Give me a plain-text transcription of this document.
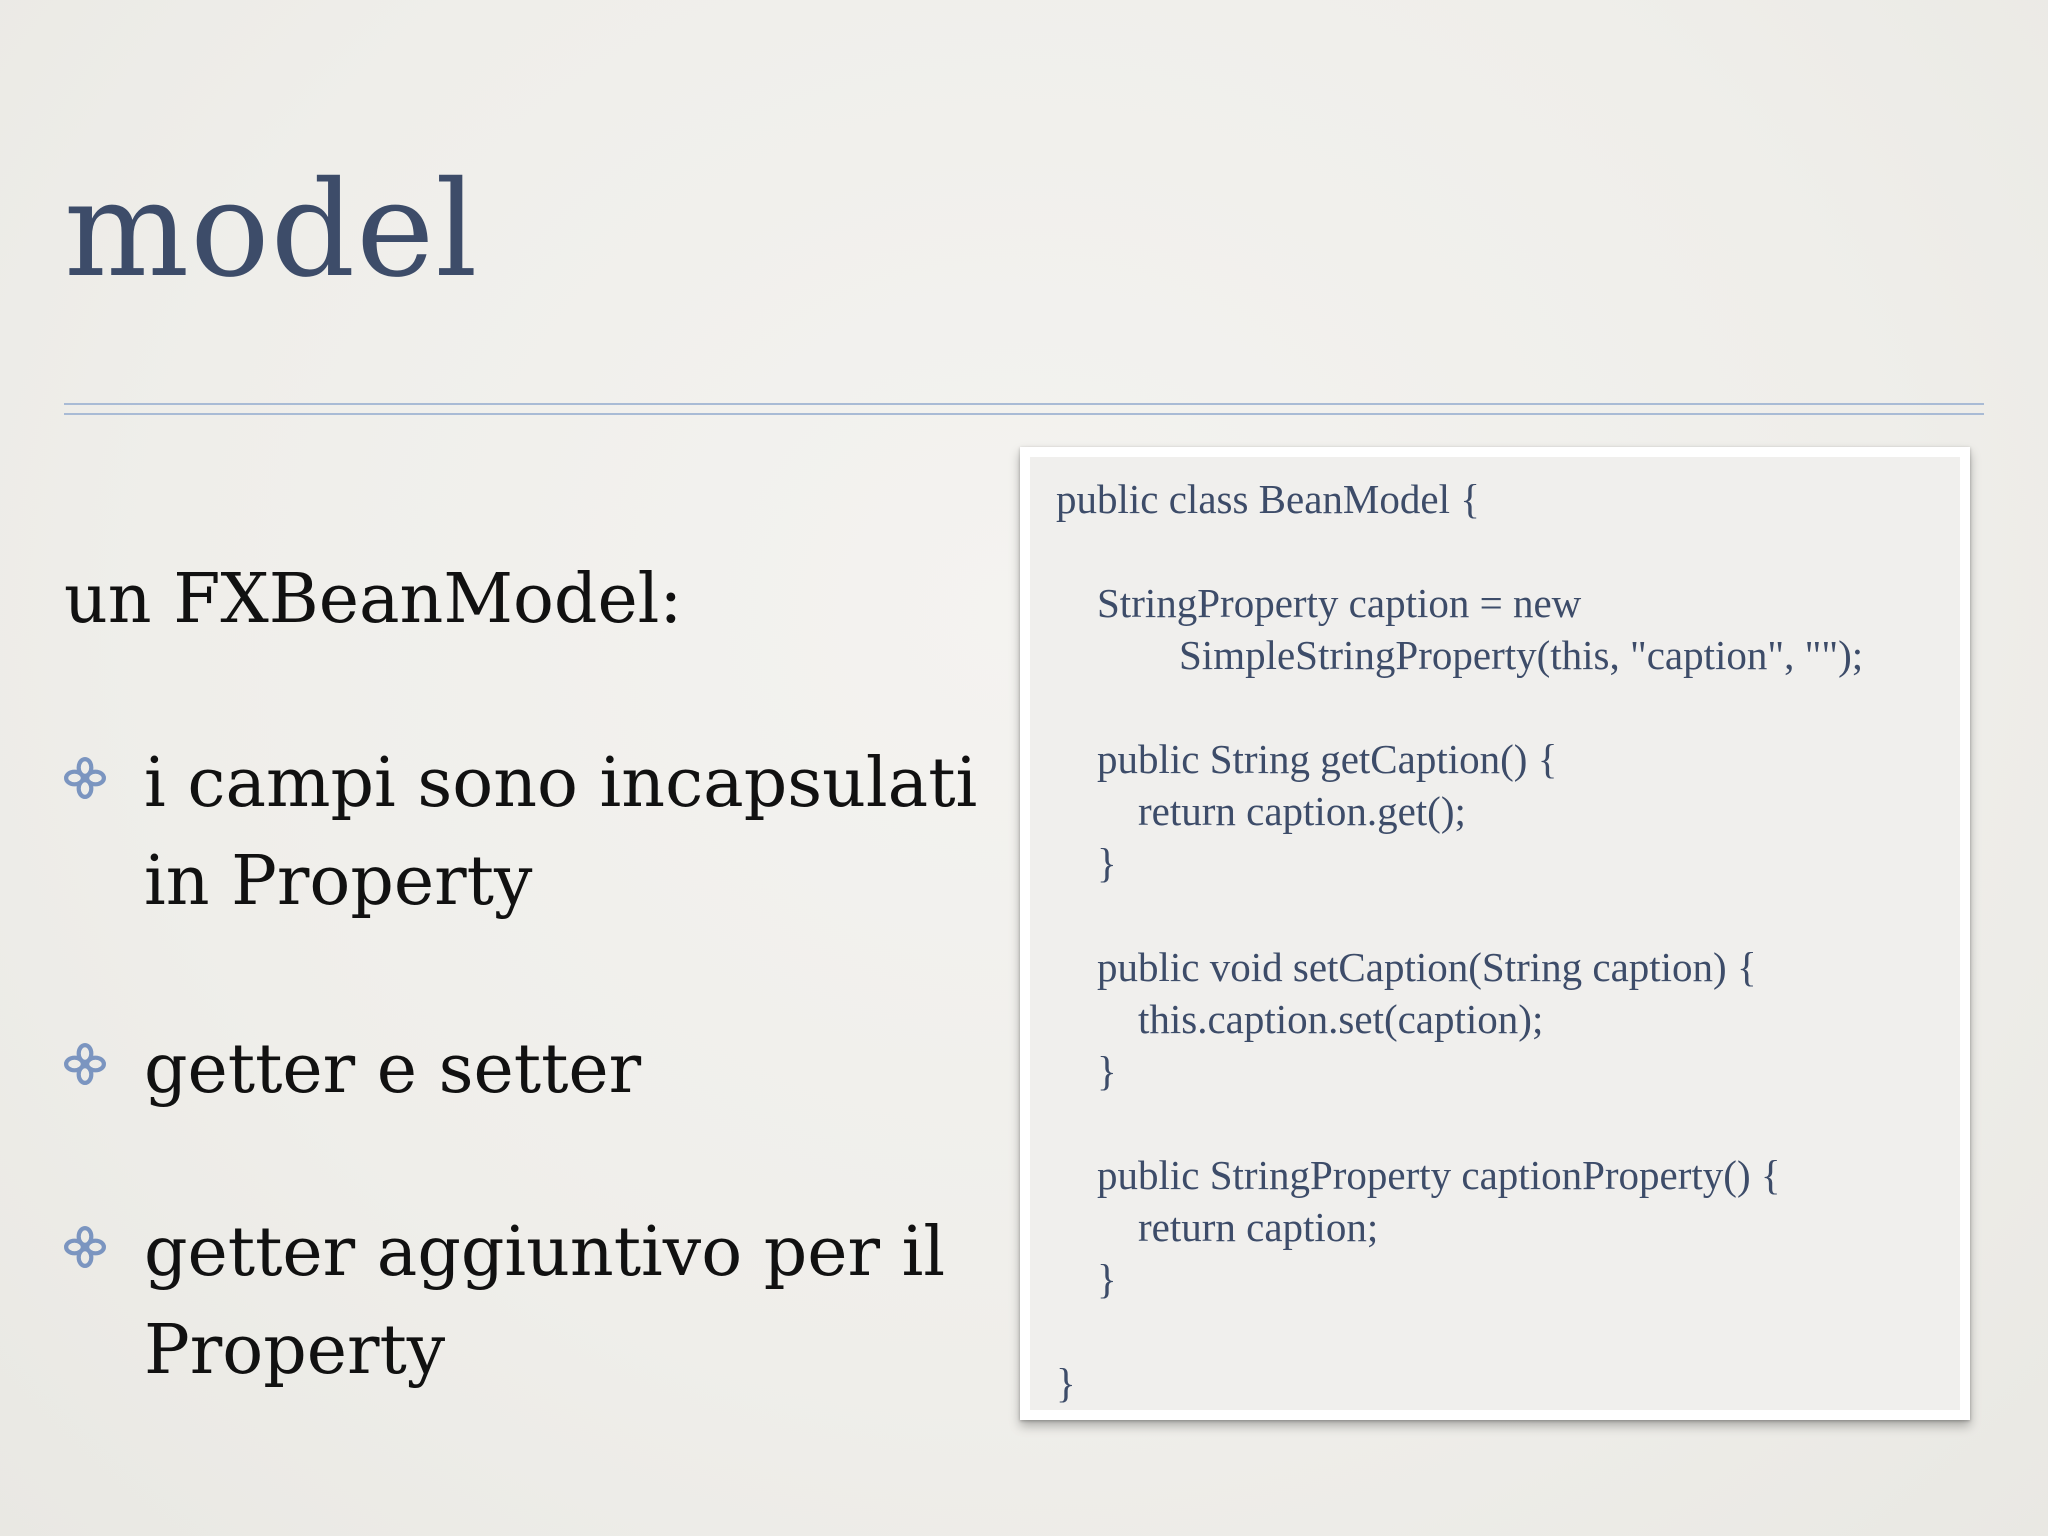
model
un FXBeanModel:
i campi sono incapsulati
in Property
getter e setter
getter aggiuntivo per il
Property
public class BeanModel {
StringProperty caption = new
SimpleStringProperty(this, "caption", "");
public String getCaption() {
return caption.get();
}
public void setCaption(String caption) {
this.caption.set(caption);
}
public StringProperty captionProperty() {
return caption;
}
}
